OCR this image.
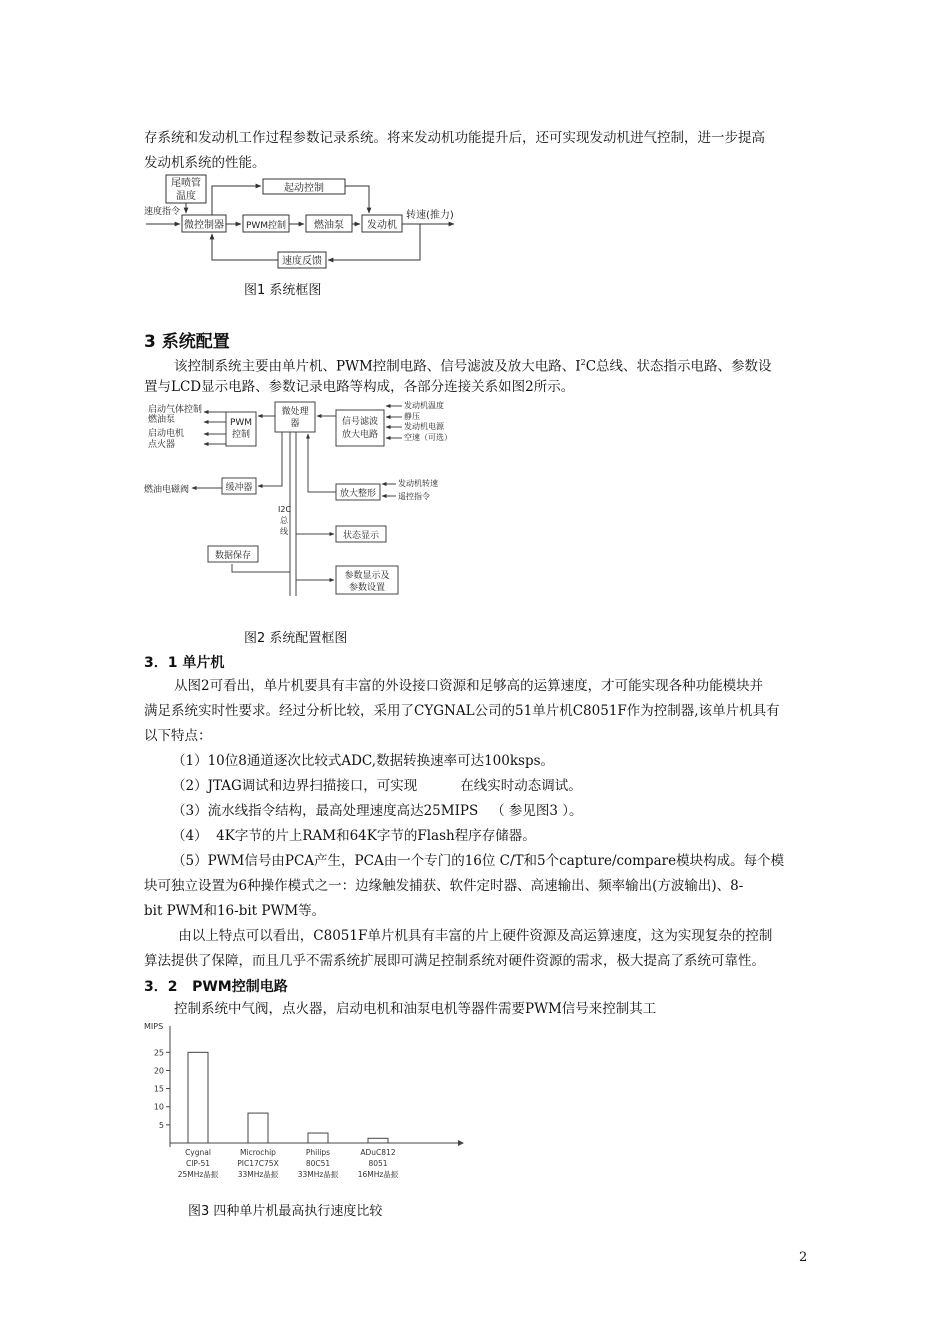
存系统和发动机工作过程参数记录系统。将来发动机功能提升后，还可实现发动机进气控制，进一步提高
发动机系统的性能。
尾喷管
温度
起动控制
微控制器 PWM控制	燃油泵 发动机
速度反馈
速度指令	转速(推力)
图1 系统框图
3 系统配置
该控制系统主要由单片机、PWM控制电路、信号滤波及放大电路、$I^2C$总线、状态指示电路、参数设
置与LCD显示电路、参数记录电路等构成，各部分连接关系如图2所示。
启动气体控制
燃油泵
启动电机
点火器
燃油电磁阀
PWM
控制
微处理
器	信号滤波
放大电路
发动机温度
静压
发动机电源
空速（可选）
缓冲器
放大整形
发动机转速
遥控指令
I2C
总
线	状态显示
数据保存
参数显示及
参数设置
图2 系统配置框图
3．1 单片机
从图2可看出，单片机要具有丰富的外设接口资源和足够高的运算速度，才可能实现各种功能模块并
满足系统实时性要求。经过分析比较，采用了CYGNAL公司的51单片机C8051F作为控制器,该单片机具有
以下特点：
（1）10位8通道逐次比较式ADC,数据转换速率可达100ksps。
（2）JTAG调试和边界扫描接口，可实现          在线实时动态调试。
（3）流水线指令结构，最高处理速度高达25MIPS   （ 参见图3 ）。
（4）  4K字节的片上RAM和64K字节的Flash程序存储器。
（5）PWM信号由PCA产生，PCA由一个专门的16位 C/T和5个capture/compare模块构成。每个模
块可独立设置为6种操作模式之一：边缘触发捕获、软件定时器、高速输出、频率输出(方波输出)、8-
bit PWM和16-bit PWM等。
由以上特点可以看出，C8051F单片机具有丰富的片上硬件资源及高运算速度，这为实现复杂的控制
算法提供了保障，而且几乎不需系统扩展即可满足控制系统对硬件资源的需求，极大提高了系统可靠性。
3．2   PWM控制电路
控制系统中气阀，点火器，启动电机和油泵电机等器件需要PWM信号来控制其工
MIPS
5
10
15
20
25
Cygnal
CIP-51
25MHz晶振
Microchip
PIC17C75X
33MHz晶振
Philips
80C51
33MHz晶振
ADuC812
8051
16MHz晶振
图3 四种单片机最高执行速度比较
2
